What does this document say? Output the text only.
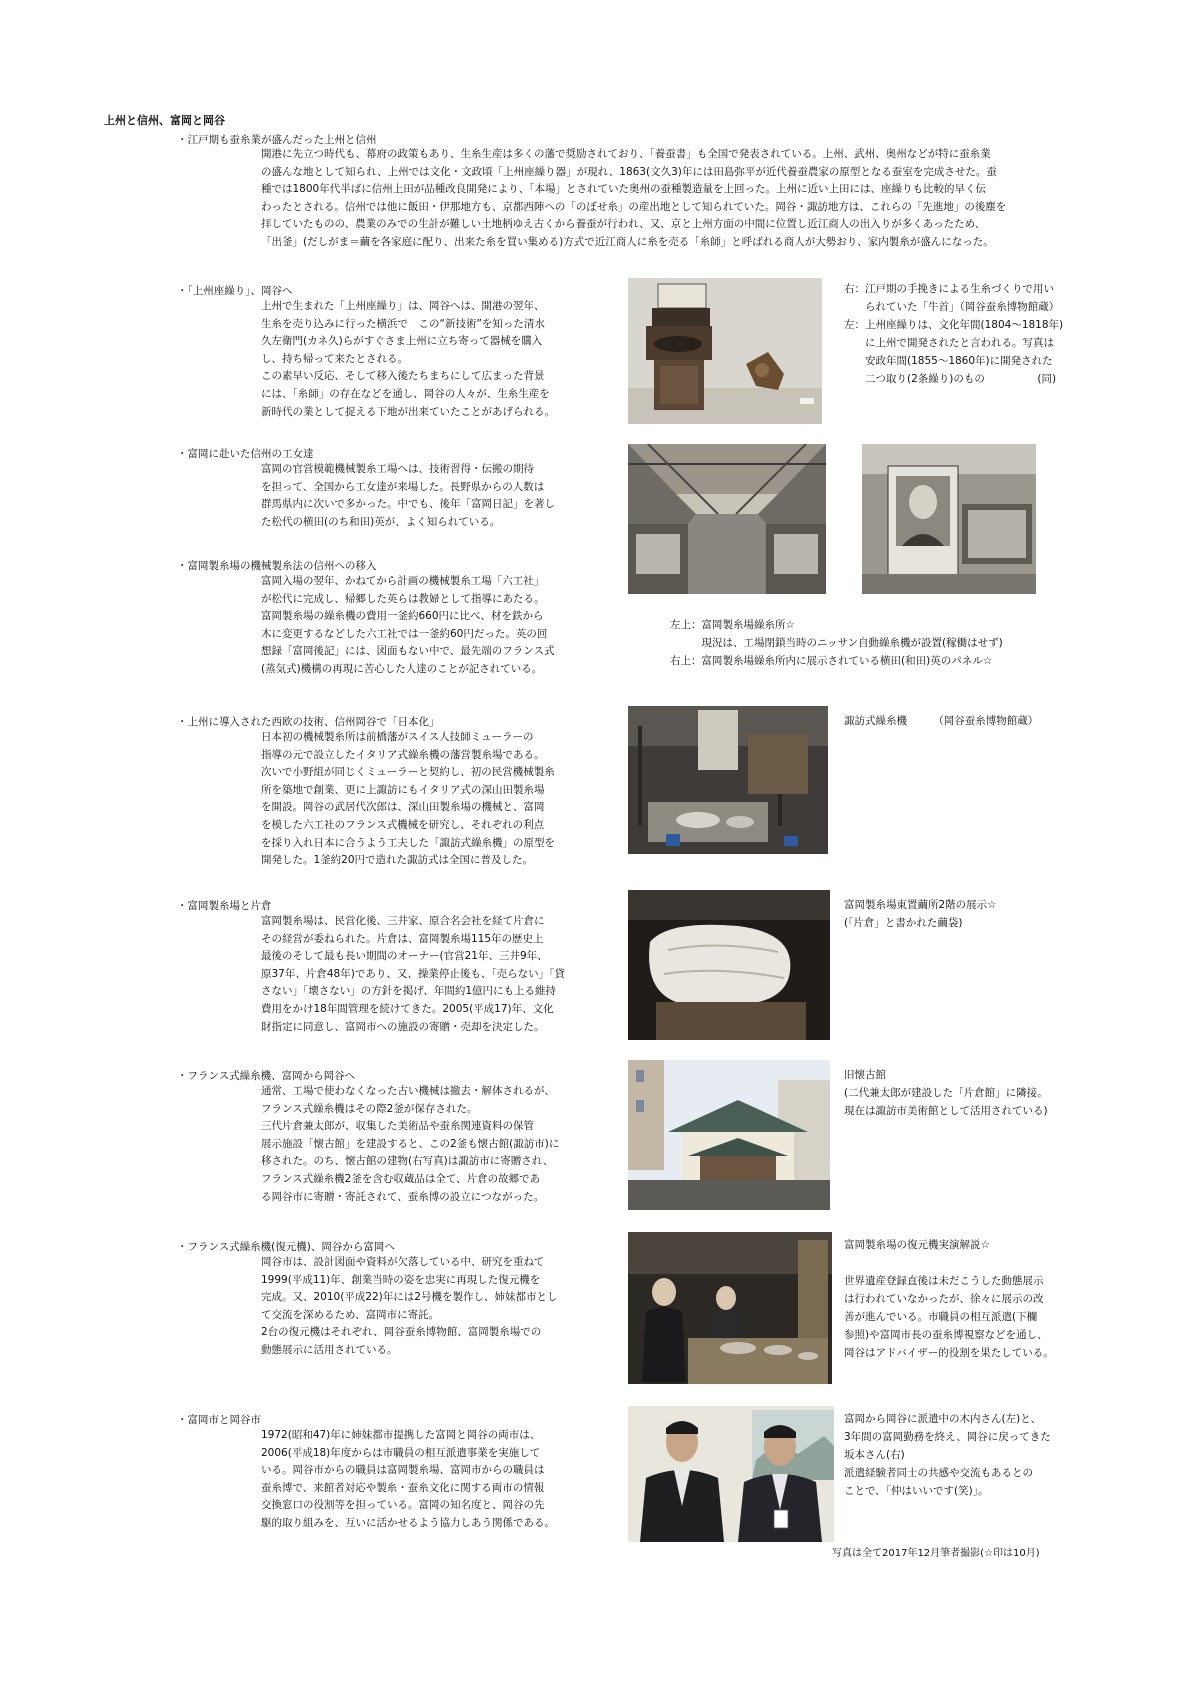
上州と信州、富岡と岡谷
・江戸期も蚕糸業が盛んだった上州と信州
開港に先立つ時代も、幕府の政策もあり、生糸生産は多くの藩で奨励されており、「養蚕書」も全国で発表されている。上州、武州、奥州などが特に蚕糸業
の盛んな地として知られ、上州では文化・文政頃「上州座繰り器」が現れ、1863(文久3)年には田島弥平が近代養蚕農家の原型となる蚕室を完成させた。蚕
種では1800年代半ばに信州上田が品種改良開発により、「本場」とされていた奥州の蚕種製造量を上回った。上州に近い上田には、座繰りも比較的早く伝
わったとされる。信州では他に飯田・伊那地方も、京都西陣への「のぼせ糸」の産出地として知られていた。岡谷・諏訪地方は、これらの「先進地」の後塵を
拝していたものの、農業のみでの生計が難しい土地柄ゆえ古くから養蚕が行われ、又、京と上州方面の中間に位置し近江商人の出入りが多くあったため、
「出釜」(だしがま＝繭を各家庭に配り、出来た糸を買い集める)方式で近江商人に糸を売る「糸師」と呼ばれる商人が大勢おり、家内製糸が盛んになった。
・「上州座繰り」、岡谷へ
上州で生まれた「上州座繰り」は、岡谷へは、開港の翌年、
生糸を売り込みに行った横浜で　この“新技術”を知った清水
久左衛門(カネ久)らがすぐさま上州に立ち寄って器械を購入
し、持ち帰って来たとされる。
この素早い反応、そして移入後たちまちにして広まった背景
には、「糸師」の存在などを通し、岡谷の人々が、生糸生産を
新時代の業として捉える下地が出来ていたことがあげられる。
右：江戸期の手挽きによる生糸づくりで用い
　　られていた「牛首」（岡谷蚕糸博物館蔵）
左：上州座繰りは、文化年間(1804～1818年)
　　に上州で開発されたと言われる。写真は
　　安政年間(1855～1860年)に開発された
　　二つ取り(2条繰り)のもの　　　　　(同)
・富岡に赴いた信州の工女達
富岡の官営模範機械製糸工場へは、技術習得・伝搬の期待
を担って、全国から工女達が来場した。長野県からの人数は
群馬県内に次いで多かった。中でも、後年「富岡日記」を著し
た松代の横田(のち和田)英が、よく知られている。
・富岡製糸場の機械製糸法の信州への移入
富岡入場の翌年、かねてから計画の機械製糸工場「六工社」
が松代に完成し、帰郷した英らは教婦として指導にあたる。
富岡製糸場の繰糸機の費用一釜約660円に比べ、材を鉄から
木に変更するなどした六工社では一釜約60円だった。英の回
想録「富岡後記」には、図面もない中で、最先端のフランス式
(蒸気式)機構の再現に苦心した人達のことが記されている。
左上：富岡製糸場繰糸所☆
　　　現況は、工場閉鎖当時のニッサン自動繰糸機が設置(稼働はせず)
右上：富岡製糸場繰糸所内に展示されている横田(和田)英のパネル☆
・上州に導入された西欧の技術、信州岡谷で「日本化」
日本初の機械製糸所は前橋藩がスイス人技師ミューラーの
指導の元で設立したイタリア式繰糸機の藩営製糸場である。
次いで小野組が同じくミューラーと契約し、初の民営機械製糸
所を築地で創業、更に上諏訪にもイタリア式の深山田製糸場
を開設。岡谷の武居代次郎は、深山田製糸場の機械と、富岡
を模した六工社のフランス式機械を研究し、それぞれの利点
を採り入れ日本に合うよう工夫した「諏訪式繰糸機」の原型を
開発した。1釜約20円で造れた諏訪式は全国に普及した。
諏訪式繰糸機　　　（岡谷蚕糸博物館蔵）
・富岡製糸場と片倉
富岡製糸場は、民営化後、三井家、原合名会社を経て片倉に
その経営が委ねられた。片倉は、富岡製糸場115年の歴史上
最後のそして最も長い期間のオーナー(官営21年、三井9年、
原37年、片倉48年)であり、又、操業停止後も、「売らない」「貸
さない」「壊さない」の方針を掲げ、年間約1億円にも上る維持
費用をかけ18年間管理を続けてきた。2005(平成17)年、文化
財指定に同意し、富岡市への施設の寄贈・売却を決定した。
富岡製糸場東置繭所2階の展示☆
(「片倉」と書かれた繭袋)
・フランス式繰糸機、富岡から岡谷へ
通常、工場で使わなくなった古い機械は撤去・解体されるが、
フランス式繰糸機はその際2釜が保存された。
三代片倉兼太郎が、収集した美術品や蚕糸関連資料の保管
展示施設「懐古館」を建設すると、この2釜も懐古館(諏訪市)に
移された。のち、懐古館の建物(右写真)は諏訪市に寄贈され、
フランス式繰糸機2釜を含む収蔵品は全て、片倉の故郷であ
る岡谷市に寄贈・寄託されて、蚕糸博の設立につながった。
旧懐古館
(二代兼太郎が建設した「片倉館」に隣接。
現在は諏訪市美術館として活用されている)
・フランス式繰糸機(復元機)、岡谷から富岡へ
岡谷市は、設計図面や資料が欠落している中、研究を重ねて
1999(平成11)年、創業当時の姿を忠実に再現した復元機を
完成。又、2010(平成22)年には2号機を製作し、姉妹都市とし
て交流を深めるため、富岡市に寄託。
2台の復元機はそれぞれ、岡谷蚕糸博物館、富岡製糸場での
動態展示に活用されている。
富岡製糸場の復元機実演解説☆
世界遺産登録直後は未だこうした動態展示
は行われていなかったが、徐々に展示の改
善が進んでいる。市職員の相互派遣(下欄
参照)や富岡市長の蚕糸博視察などを通し、
岡谷はアドバイザー的役割を果たしている。
・富岡市と岡谷市
1972(昭和47)年に姉妹都市提携した富岡と岡谷の両市は、
2006(平成18)年度からは市職員の相互派遣事業を実施して
いる。岡谷市からの職員は富岡製糸場、富岡市からの職員は
蚕糸博で、来館者対応や製糸・蚕糸文化に関する両市の情報
交換窓口の役割等を担っている。富岡の知名度と、岡谷の先
駆的取り組みを、互いに活かせるよう協力しあう関係である。
富岡から岡谷に派遣中の木内さん(左)と、
3年間の富岡勤務を終え、岡谷に戻ってきた
坂本さん(右)
派遣経験者同士の共感や交流もあるとの
ことで、「仲はいいです(笑)」。
写真は全て2017年12月筆者撮影(☆印は10月)
